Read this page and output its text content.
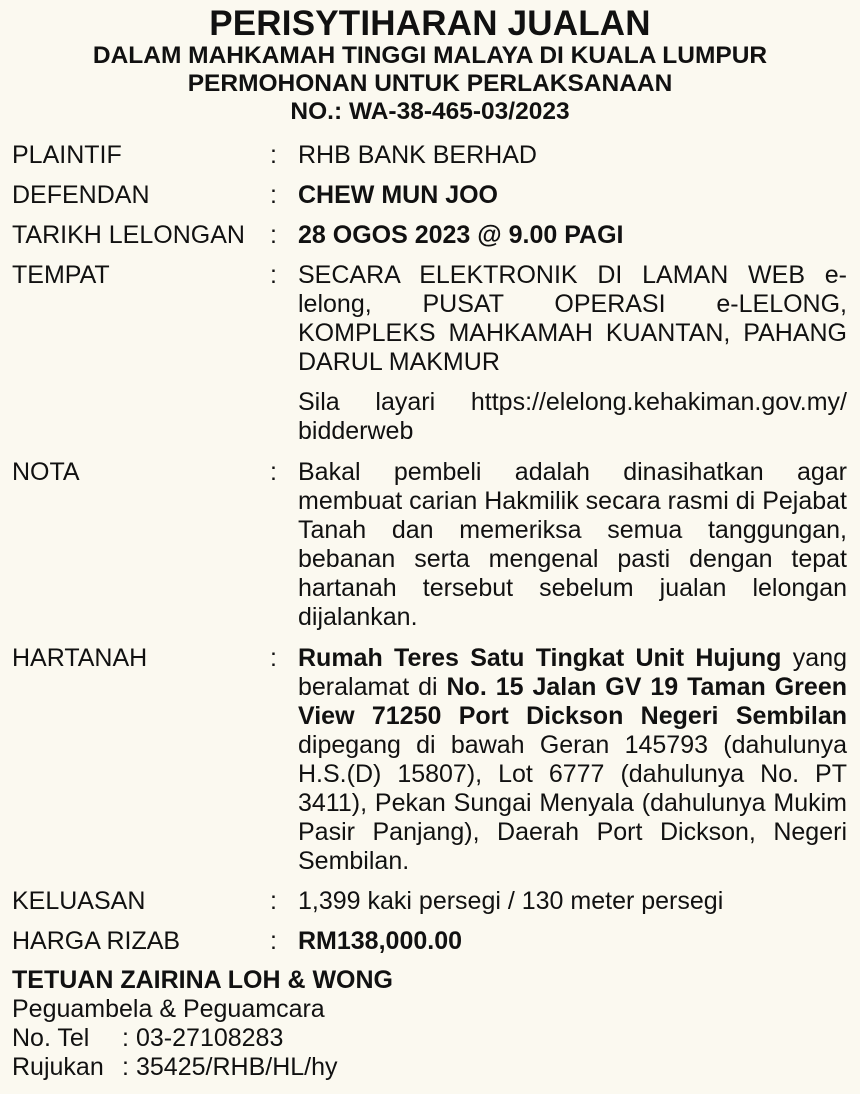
PERISYTIHARAN JUALAN
DALAM MAHKAMAH TINGGI MALAYA DI KUALA LUMPUR
PERMOHONAN UNTUK PERLAKSANAAN
NO.: WA-38-465-03/2023
PLAINTIF	: RHB BANK BERHAD
DEFENDAN	: CHEW MUN JOO
TARIKH LELONGAN	: 28 OGOS 2023 @ 9.00 PAGI
TEMPAT	: SECARA ELEKTRONIK DI LAMAN WEB e-lelong, PUSAT OPERASI e-LELONG, KOMPLEKS MAHKAMAH KUANTAN, PAHANG DARUL MAKMUR
Sila layari https://elelong.kehakiman.gov.my/ bidderweb
NOTA	: Bakal pembeli adalah dinasihatkan agar membuat carian Hakmilik secara rasmi di Pejabat Tanah dan memeriksa semua tanggungan, bebanan serta mengenal pasti dengan tepat hartanah tersebut sebelum jualan lelongan dijalankan.
HARTANAH	: Rumah Teres Satu Tingkat Unit Hujung yang beralamat di No. 15 Jalan GV 19 Taman Green View 71250 Port Dickson Negeri Sembilan dipegang di bawah Geran 145793 (dahulunya H.S.(D) 15807), Lot 6777 (dahulunya No. PT 3411), Pekan Sungai Menyala (dahulunya Mukim Pasir Panjang), Daerah Port Dickson, Negeri Sembilan.
KELUASAN	: 1,399 kaki persegi / 130 meter persegi
HARGA RIZAB	: RM138,000.00
TETUAN ZAIRINA LOH & WONG
Peguambela & Peguamcara
No. Tel	: 03-27108283
Rujukan : 35425/RHB/HL/hy
